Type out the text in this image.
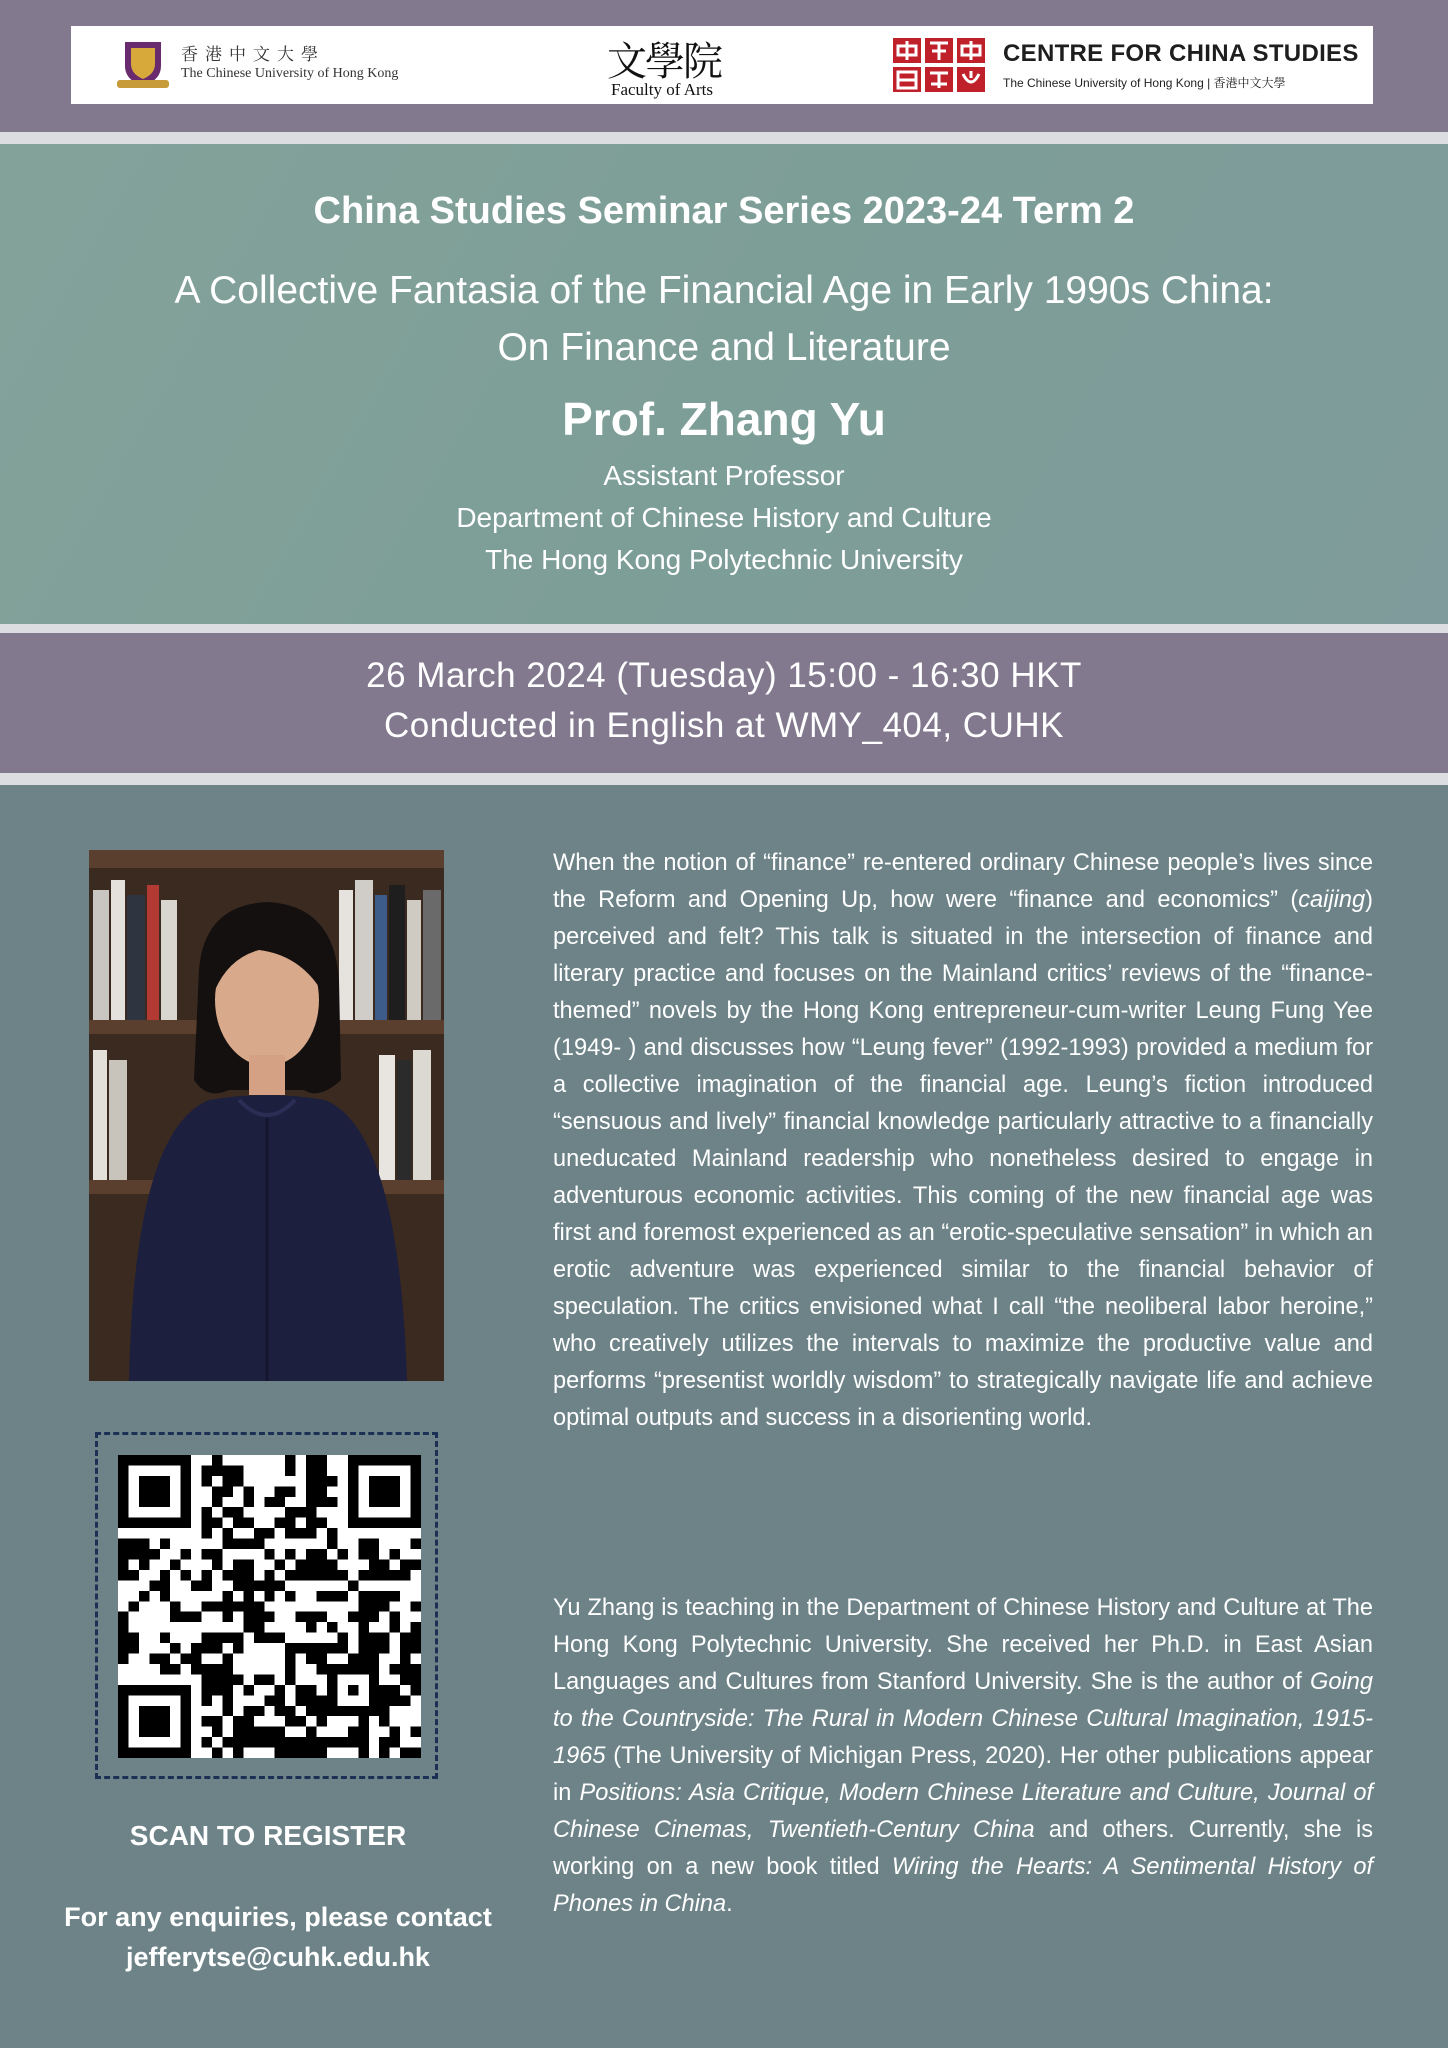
香港中文大學
The Chinese University of Hong Kong	文學院
Faculty of Arts
CENTRE FOR CHINA STUDIES
The Chinese University of Hong Kong | 香港中文大學
China Studies Seminar Series 2023-24 Term 2
A Collective Fantasia of the Financial Age in Early 1990s China:
On Finance and Literature
Prof. Zhang Yu
Assistant Professor
Department of Chinese History and Culture
The Hong Kong Polytechnic University
26 March 2024 (Tuesday) 15:00 - 16:30 HKT
Conducted in English at WMY_404, CUHK
SCAN TO REGISTER
For any enquiries, please contact
jefferytse@cuhk.edu.hk

When the notion of “finance” re-entered ordinary Chinese people’s lives since the Reform and Opening Up, how were “finance and economics” (caijing) perceived and felt? This talk is situated in the intersection of finance and literary practice and focuses on the Mainland critics’ reviews of the “finance-themed” novels by the Hong Kong entrepreneur-cum-writer Leung Fung Yee (1949- ) and discusses how “Leung fever” (1992-1993) provided a medium for a collective imagination of the financial age. Leung’s fiction introduced “sensuous and lively” financial knowledge particularly attractive to a financially uneducated Mainland readership who nonetheless desired to engage in adventurous economic activities. This coming of the new financial age was first and foremost experienced as an “erotic-speculative sensation” in which an erotic adventure was experienced similar to the financial behavior of speculation. The critics envisioned what I call “the neoliberal labor heroine,” who creatively utilizes the intervals to maximize the productive value and performs “presentist worldly wisdom” to strategically navigate life and achieve optimal outputs and success in a disorienting world.

Yu Zhang is teaching in the Department of Chinese History and Culture at The Hong Kong Polytechnic University. She received her Ph.D. in East Asian Languages and Cultures from Stanford University. She is the author of Going to the Countryside: The Rural in Modern Chinese Cultural Imagination, 1915-1965 (The University of Michigan Press, 2020). Her other publications appear in Positions: Asia Critique, Modern Chinese Literature and Culture, Journal of Chinese Cinemas, Twentieth-Century China and others. Currently, she is working on a new book titled Wiring the Hearts: A Sentimental History of Phones in China.
